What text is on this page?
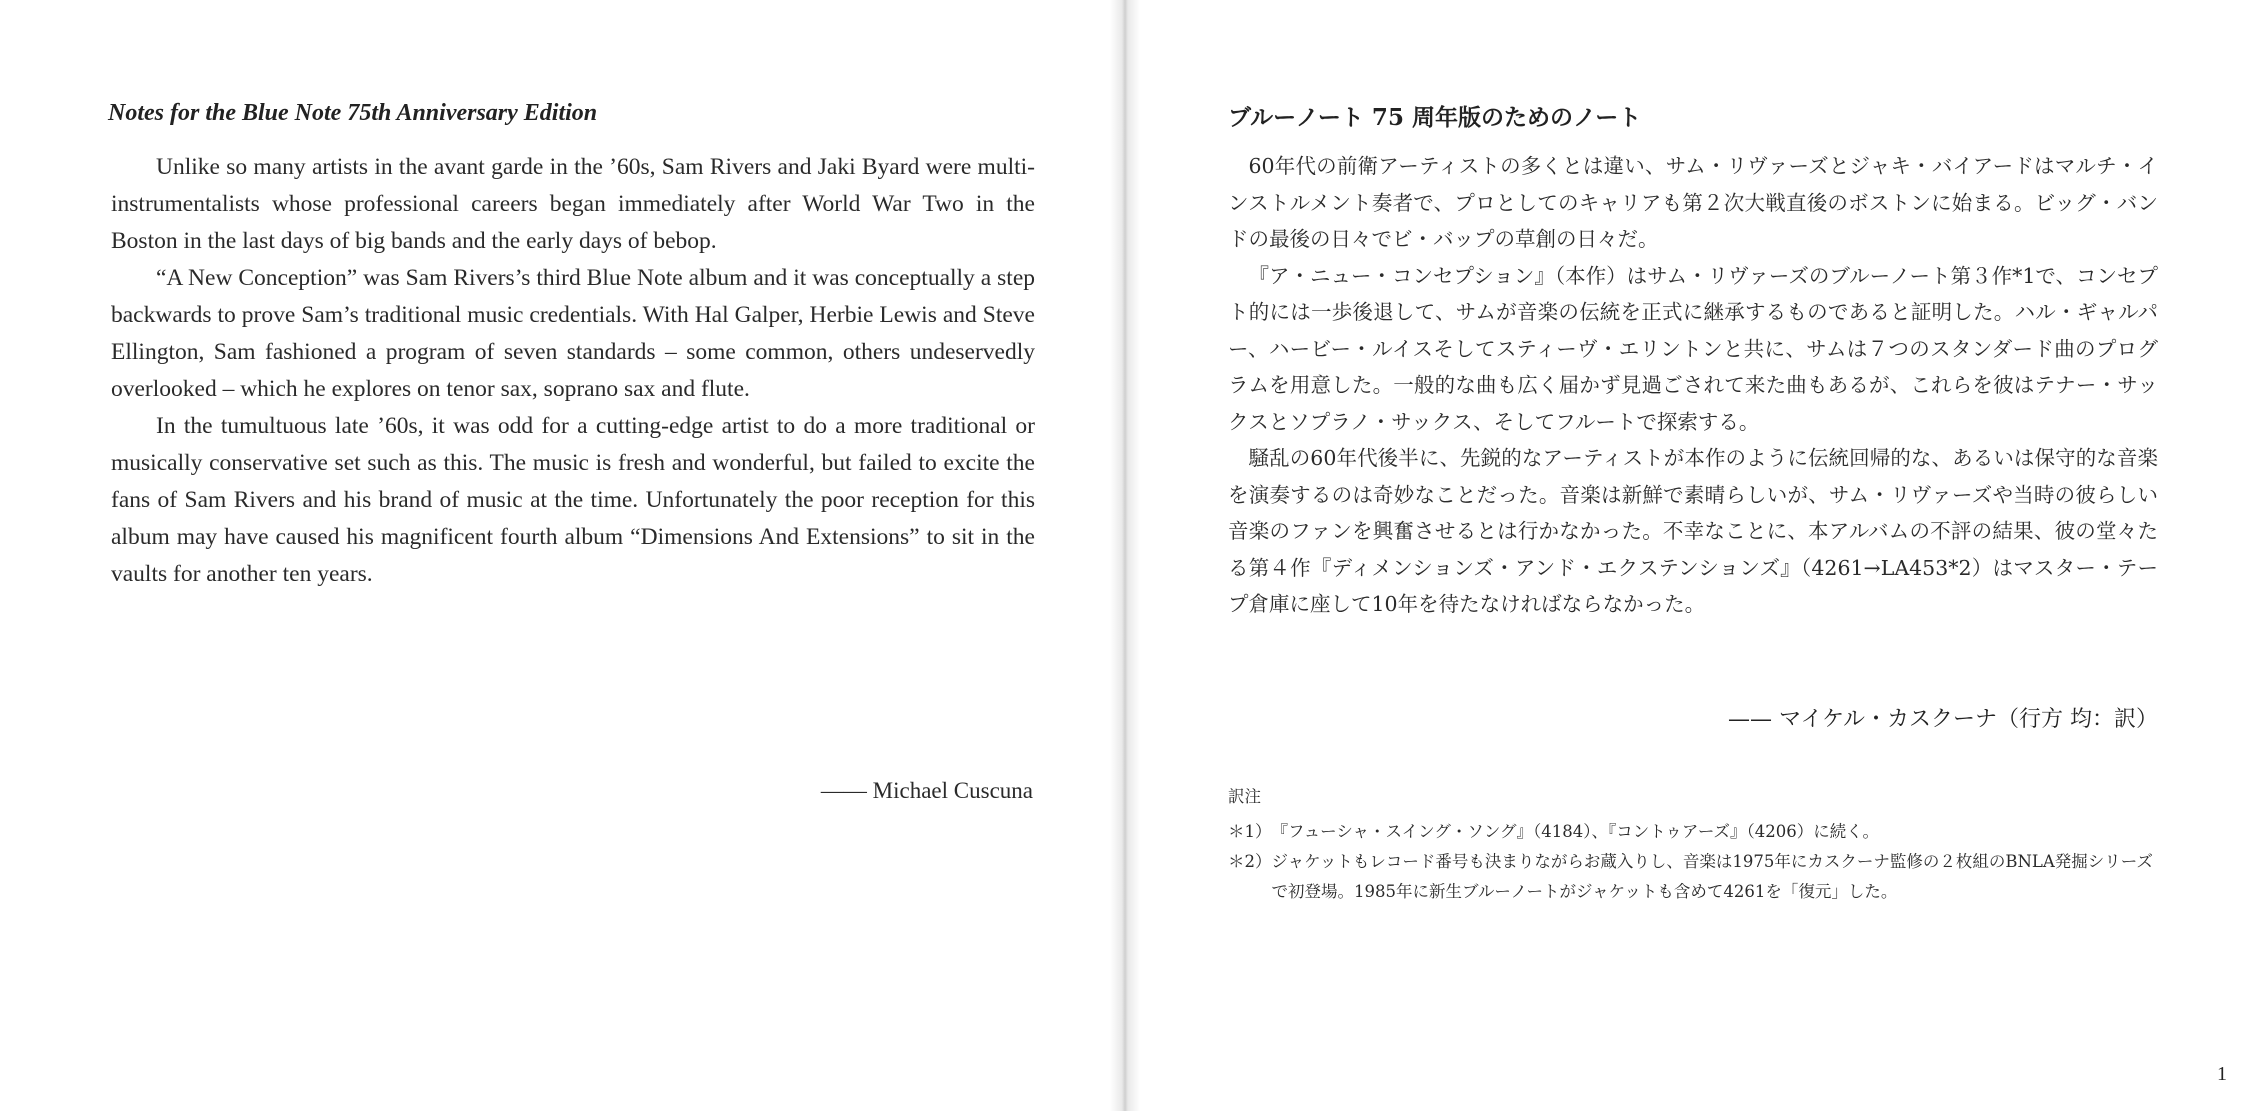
Notes for the Blue Note 75th Anniversary Edition

Unlike so many artists in the avant garde in the ’60s, Sam Rivers and Jaki Byard were multi-instrumentalists whose professional careers began immediately after World War Two in the Boston in the last days of big bands and the early days of bebop.

“A New Conception” was Sam Rivers’s third Blue Note album and it was conceptually a step backwards to prove Sam’s traditional music credentials. With Hal Galper, Herbie Lewis and Steve Ellington, Sam fashioned a program of seven standards – some common, others undeservedly overlooked – which he explores on tenor sax, soprano sax and flute.

In the tumultuous late ’60s, it was odd for a cutting-edge artist to do a more traditional or musically conservative set such as this. The music is fresh and wonderful, but failed to excite the fans of Sam Rivers and his brand of music at the time. Unfortunately the poor reception for this album may have caused his magnificent fourth album “Dimensions And Extensions” to sit in the vaults for another ten years.

—— Michael Cuscuna
ブルーノート 75 周年版のためのノート

60年代の前衛アーティストの多くとは違い、サム・リヴァーズとジャキ・バイアードはマルチ・インストルメント奏者で、プロとしてのキャリアも第２次大戦直後のボストンに始まる。ビッグ・バンドの最後の日々でビ・バップの草創の日々だ。

『ア・ニュー・コンセプション』（本作）はサム・リヴァーズのブルーノート第３作*1で、コンセプト的には一歩後退して、サムが音楽の伝統を正式に継承するものであると証明した。ハル・ギャルパー、ハービー・ルイスそしてスティーヴ・エリントンと共に、サムは７つのスタンダード曲のプログラムを用意した。一般的な曲も広く届かず見過ごされて来た曲もあるが、これらを彼はテナー・サックスとソプラノ・サックス、そしてフルートで探索する。

騒乱の60年代後半に、先鋭的なアーティストが本作のように伝統回帰的な、あるいは保守的な音楽を演奏するのは奇妙なことだった。音楽は新鮮で素晴らしいが、サム・リヴァーズや当時の彼らしい音楽のファンを興奮させるとは行かなかった。不幸なことに、本アルバムの不評の結果、彼の堂々たる第４作『ディメンションズ・アンド・エクステンションズ』（4261→LA453*2）はマスター・テープ倉庫に座して10年を待たなければならなかった。

—— マイケル・カスクーナ（行方 均：訳）
訳注
＊1） 『フューシャ・スイング・ソング』（4184）、『コントゥアーズ』（4206）に続く。
＊2） ジャケットもレコード番号も決まりながらお蔵入りし、音楽は1975年にカスクーナ監修の２枚組のBNLA発掘シリーズで初登場。1985年に新生ブルーノートがジャケットも含めて4261を「復元」した。
1
